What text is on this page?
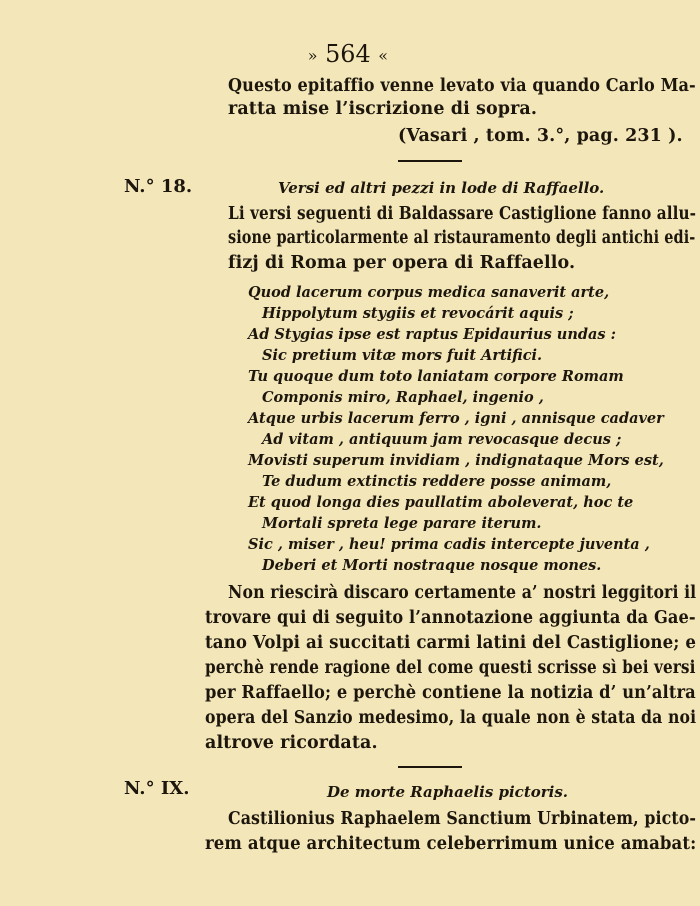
» 564 «
Questo epitaffio venne levato via quando Carlo Ma-
ratta mise l’iscrizione di sopra.
(Vasari , tom. 3.°, pag. 231 ).
N.° 18.	Versi ed altri pezzi in lode di Raffaello.
Li versi seguenti di Baldassare Castiglione fanno allu-
sione particolarmente al ristauramento degli antichi edi-
fizj di Roma per opera di Raffaello.
Quod lacerum corpus medica sanaverit arte,
Hippolytum stygiis et revocárit aquis ;
Ad Stygias ipse est raptus Epidaurius undas :
Sic pretium vitæ mors fuit Artifici.
Tu quoque dum toto laniatam corpore Romam
Componis miro, Raphael, ingenio ,
Atque urbis lacerum ferro , igni , annisque cadaver
Ad vitam , antiquum jam revocasque decus ;
Movisti superum invidiam , indignataque Mors est,
Te dudum extinctis reddere posse animam,
Et quod longa dies paullatim aboleverat, hoc te
Mortali spreta lege parare iterum.
Sic , miser , heu! prima cadis intercepte juventa ,
Deberi et Morti nostraque nosque mones.
Non riescirà discaro certamente a’ nostri leggitori il
trovare qui di seguito l’annotazione aggiunta da Gae-
tano Volpi ai succitati carmi latini del Castiglione; e
perchè rende ragione del come questi scrisse sì bei versi
per Raffaello; e perchè contiene la notizia d’ un’altra
opera del Sanzio medesimo, la quale non è stata da noi
altrove ricordata.
N.° IX.	De morte Raphaelis pictoris.
Castilionius Raphaelem Sanctium Urbinatem, picto-
rem atque architectum celeberrimum unice amabat:
